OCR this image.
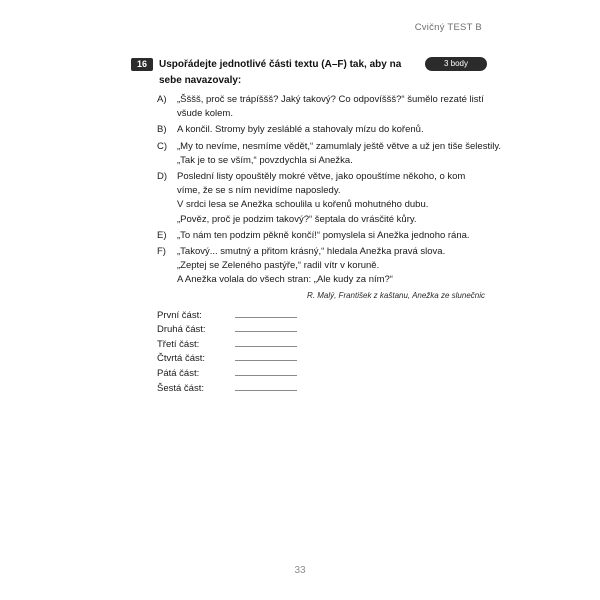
Cvičný TEST B
16	3 body
Uspořádejte jednotlivé části textu (A–F) tak, aby na sebe navazovaly:
A) „Šššš, proč se trápíššš? Jaký takový? Co odpovíššš?“ šumělo rezaté listí
všude kolem.
B) A končil. Stromy byly zesláblé a stahovaly mízu do kořenů.
C) „My to nevíme, nesmíme vědět,“ zamumlaly ještě větve a už jen tiše šelestily.
„Tak je to se vším,“ povzdychla si Anežka.
D) Poslední listy opouštěly mokré větve, jako opouštíme někoho, o kom
víme, že se s ním nevidíme naposledy.
V srdci lesa se Anežka schoulila u kořenů mohutného dubu.
„Pověz, proč je podzim takový?“ šeptala do vrásčité kůry.
E) „To nám ten podzim pěkně končí!“ pomyslela si Anežka jednoho rána.
F) „Takový... smutný a přitom krásný,“ hledala Anežka pravá slova.
„Zeptej se Zeleného pastýře,“ radil vítr v koruně.
A Anežka volala do všech stran: „Ale kudy za ním?“
R. Malý, František z kaštanu, Anežka ze slunečnic
První část:
Druhá část:
Třetí část:
Čtvrtá část:
Pátá část:
Šestá část:
33
